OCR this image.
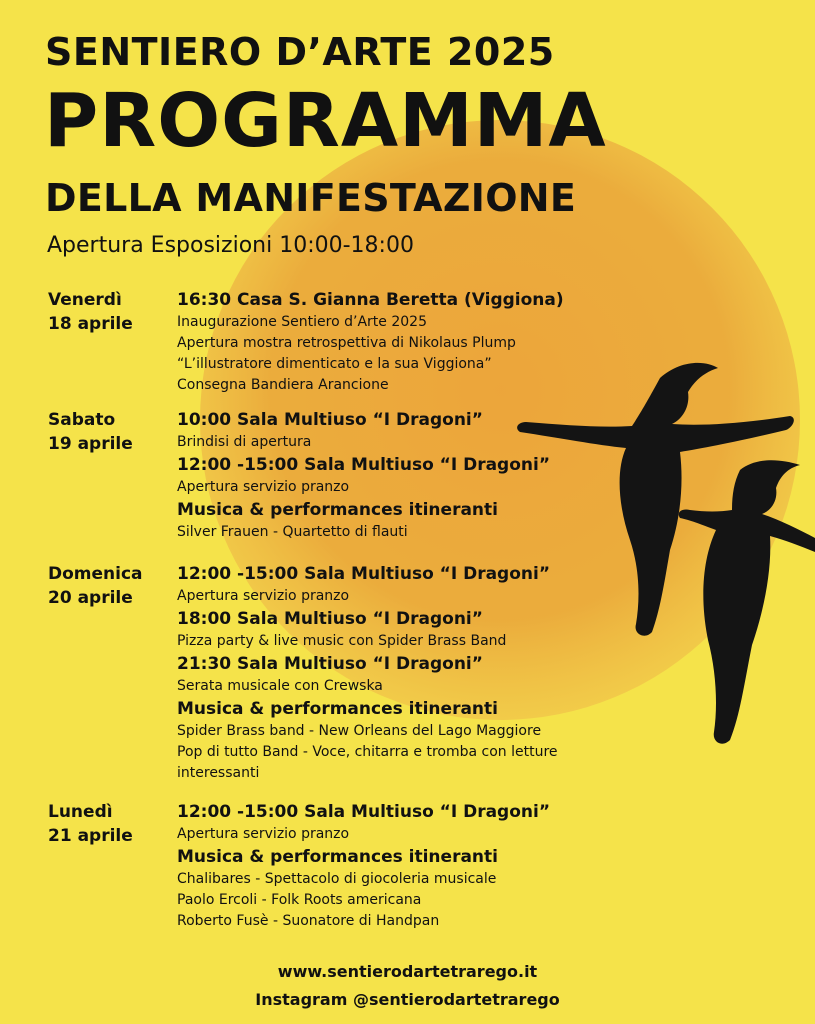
SENTIERO D’ARTE 2025
PROGRAMMA
DELLA MANIFESTAZIONE
Apertura Esposizioni 10:00-18:00
Venerdì
18 aprile
16:30 Casa S. Gianna Beretta (Viggiona)
Inaugurazione Sentiero d’Arte 2025
Apertura mostra retrospettiva di Nikolaus Plump
“L’illustratore dimenticato e la sua Viggiona”
Consegna Bandiera Arancione
Sabato
19 aprile
10:00 Sala Multiuso “I Dragoni”
Brindisi di apertura
12:00 -15:00 Sala Multiuso “I Dragoni”
Apertura servizio pranzo
Musica & performances itineranti
Silver Frauen - Quartetto di flauti
Domenica
20 aprile
12:00 -15:00 Sala Multiuso “I Dragoni”
Apertura servizio pranzo
18:00 Sala Multiuso “I Dragoni”
Pizza party & live music con Spider Brass Band
21:30 Sala Multiuso “I Dragoni”
Serata musicale con Crewska
Musica & performances itineranti
Spider Brass band - New Orleans del Lago Maggiore
Pop di tutto Band - Voce, chitarra e tromba con letture
interessanti
Lunedì
21 aprile
12:00 -15:00 Sala Multiuso “I Dragoni”
Apertura servizio pranzo
Musica & performances itineranti
Chalibares - Spettacolo di giocoleria musicale
Paolo Ercoli - Folk Roots americana
Roberto Fusè - Suonatore di Handpan
www.sentierodartetrarego.it
Instagram @sentierodartetrarego
